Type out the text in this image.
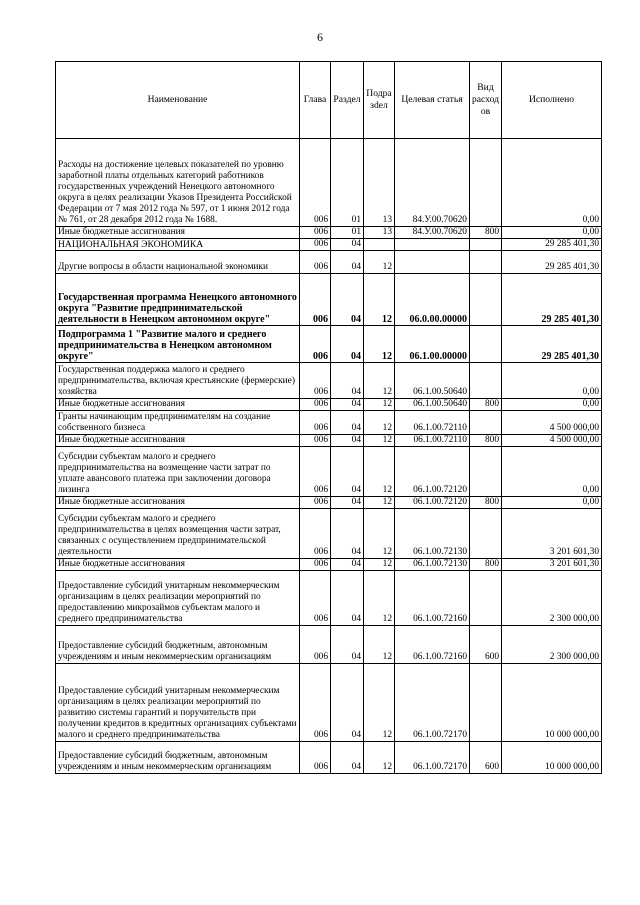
6
Наименование	Глава	Раздел	Подра зdел	Целевая статья	Вид расход ов	Исполнено
Расходы на достижение целевых показателей по уровню заработной платы отдельных категорий работников государственных учреждений Ненецкого автономного округа в целях реализации Указов Президента Российской Федерации от 7 мая 2012 года № 597, от 1 июня 2012 года № 761, от 28 декабря 2012 года № 1688.	006	01	13	84.У.00.70620		0,00
Иные бюджетные ассигнования	006	01	13	84.У.00.70620	800	0,00
НАЦИОНАЛЬНАЯ ЭКОНОМИКА	006	04				29 285 401,30
Другие вопросы в области национальной экономики	006	04	12			29 285 401,30
Государственная программа Ненецкого автономного округа "Развитие предпринимательской деятельности в Ненецком автономном округе"	006	04	12	06.0.00.00000		29 285 401,30
Подпрограмма 1 "Развитие малого и среднего предпринимательства в Ненецком автономном округе"	006	04	12	06.1.00.00000		29 285 401,30
Государственная поддержка малого и среднего предпринимательства, включая крестьянские (фермерские) хозяйства	006	04	12	06.1.00.50640		0,00
Иные бюджетные ассигнования	006	04	12	06.1.00.50640	800	0,00
Гранты начинающим предпринимателям на создание собственного бизнеса	006	04	12	06.1.00.72110		4 500 000,00
Иные бюджетные ассигнования	006	04	12	06.1.00.72110	800	4 500 000,00
Субсидии субъектам малого и среднего предпринимательства на возмещение части затрат по уплате авансового платежа при заключении договора лизинга	006	04	12	06.1.00.72120		0,00
Иные бюджетные ассигнования	006	04	12	06.1.00.72120	800	0,00
Субсидии субъектам малого и среднего предпринимательства в целях возмещения части затрат, связанных с осуществлением предпринимательской деятельности	006	04	12	06.1.00.72130		3 201 601,30
Иные бюджетные ассигнования	006	04	12	06.1.00.72130	800	3 201 601,30
Предоставление субсидий унитарным некоммерческим организациям в целях реализации мероприятий по предоставлению микрозаймов субъектам малого и среднего предпринимательства	006	04	12	06.1.00.72160		2 300 000,00
Предоставление субсидий бюджетным, автономным учреждениям и иным некоммерческим организациям	006	04	12	06.1.00.72160	600	2 300 000,00
Предоставление субсидий унитарным некоммерческим организациям в целях реализации мероприятий по развитию системы гарантий и поручительств при получении кредитов в кредитных организациях субъектами малого и среднего предпринимательства	006	04	12	06.1.00.72170		10 000 000,00
Предоставление субсидий бюджетным, автономным учреждениям и иным некоммерческим организациям	006	04	12	06.1.00.72170	600	10 000 000,00
